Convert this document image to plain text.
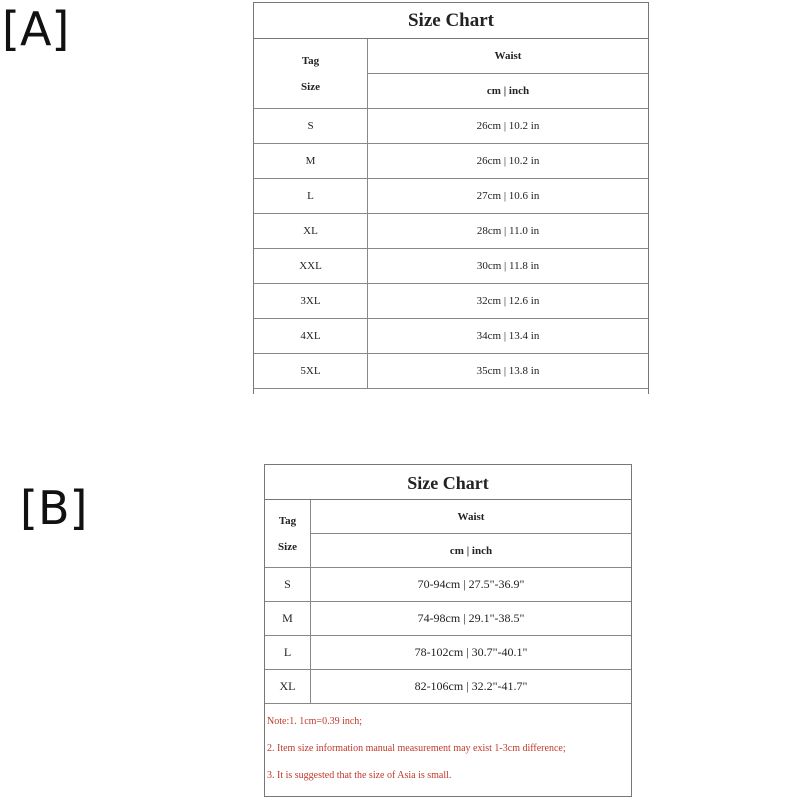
[A]	Size Chart
Tag
Size	Waist
	cm | inch
S	26cm | 10.2 in
M	26cm | 10.2 in
L	27cm | 10.6 in
XL	28cm | 11.0 in
XXL	30cm | 11.8 in
3XL	32cm | 12.6 in
4XL	34cm | 13.4 in
5XL	35cm | 13.8 in
[B]	Size Chart
Tag
Size	Waist
	cm | inch
S	70-94cm | 27.5"-36.9"
M	74-98cm | 29.1"-38.5"
L	78-102cm | 30.7"-40.1"
XL	82-106cm | 32.2"-41.7"
Note:1. 1cm=0.39 inch;
2. Item size information manual measurement may exist 1-3cm difference;
3. It is suggested that the size of Asia is small.
